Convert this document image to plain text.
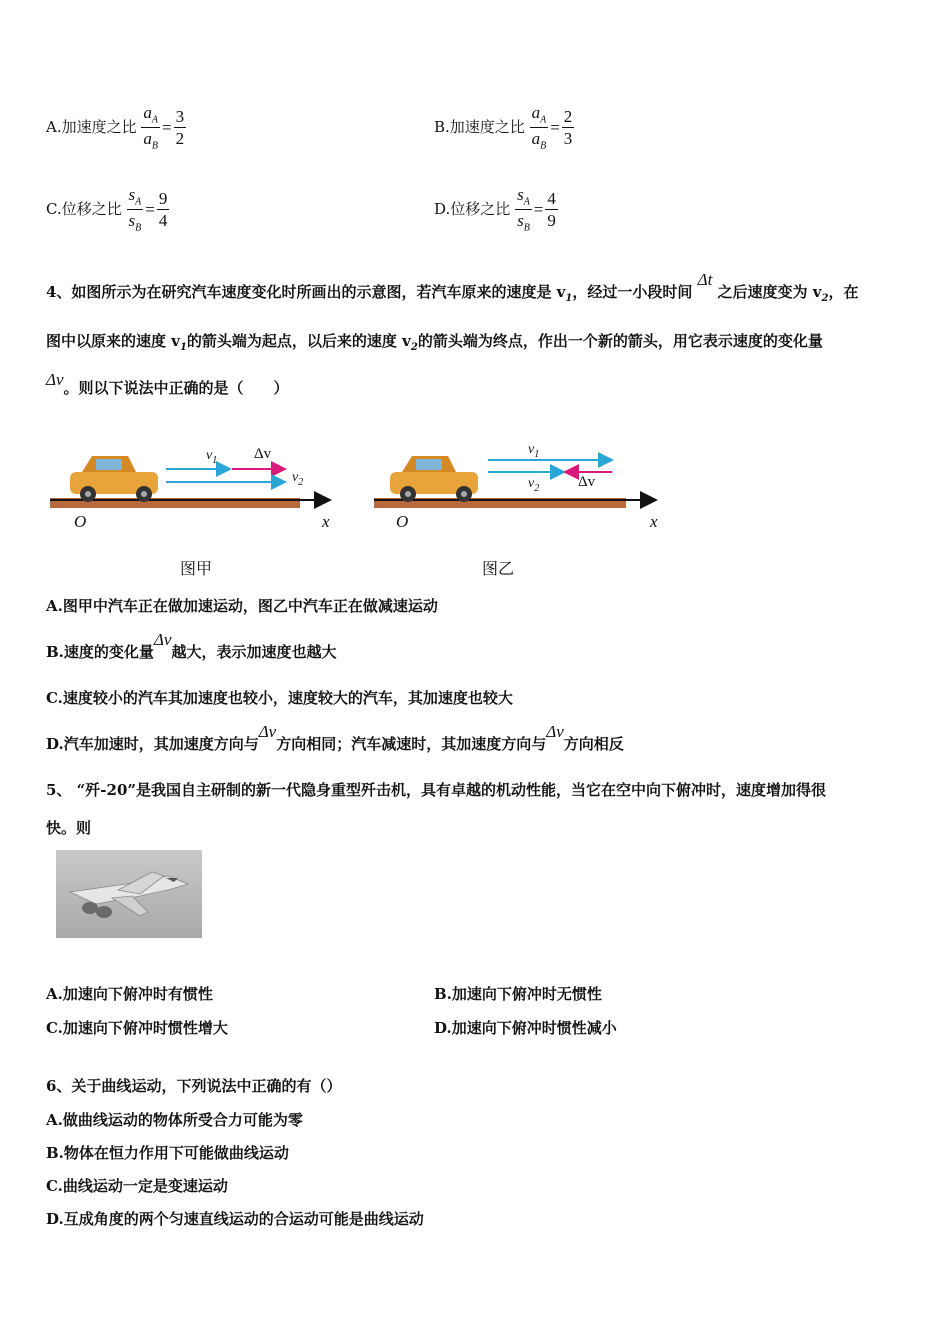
A.加速度之比 $\frac{a_A}{a_B} = \frac{3}{2}$	B.加速度之比 $\frac{a_A}{a_B} = \frac{2}{3}$
C.位移之比 $\frac{s_A}{s_B} = \frac{9}{4}$	D.位移之比 $\frac{s_A}{s_B} = \frac{4}{9}$
4、如图所示为在研究汽车速度变化时所画出的示意图，若汽车原来的速度是 $v_1$，经过一小段时间 Δt 之后速度变为 $v_2$，在
图中以原来的速度 $v_1$的箭头端为起点，以后来的速度 $v_2$的箭头端为终点，作出一个新的箭头，用它表示速度的变化量
Δv。则以下说法中正确的是（　　）
$v_1$ Δv
$v_2$
O	x
图甲
$v_1$
$v_2$	Δv
O	x
图乙
A.图甲中汽车正在做加速运动，图乙中汽车正在做减速运动
B.速度的变化量Δv越大，表示加速度也越大
C.速度较小的汽车其加速度也较小，速度较大的汽车，其加速度也较大
D.汽车加速时，其加速度方向与Δv方向相同；汽车减速时，其加速度方向与Δv方向相反
5、 “歼-20”是我国自主研制的新一代隐身重型歼击机，具有卓越的机动性能，当它在空中向下俯冲时，速度增加得很
快。则
A.加速向下俯冲时有惯性	B.加速向下俯冲时无惯性
C.加速向下俯冲时惯性增大	D.加速向下俯冲时惯性减小
6、关于曲线运动，下列说法中正确的有（）
A.做曲线运动的物体所受合力可能为零
B.物体在恒力作用下可能做曲线运动
C.曲线运动一定是变速运动
D.互成角度的两个匀速直线运动的合运动可能是曲线运动
